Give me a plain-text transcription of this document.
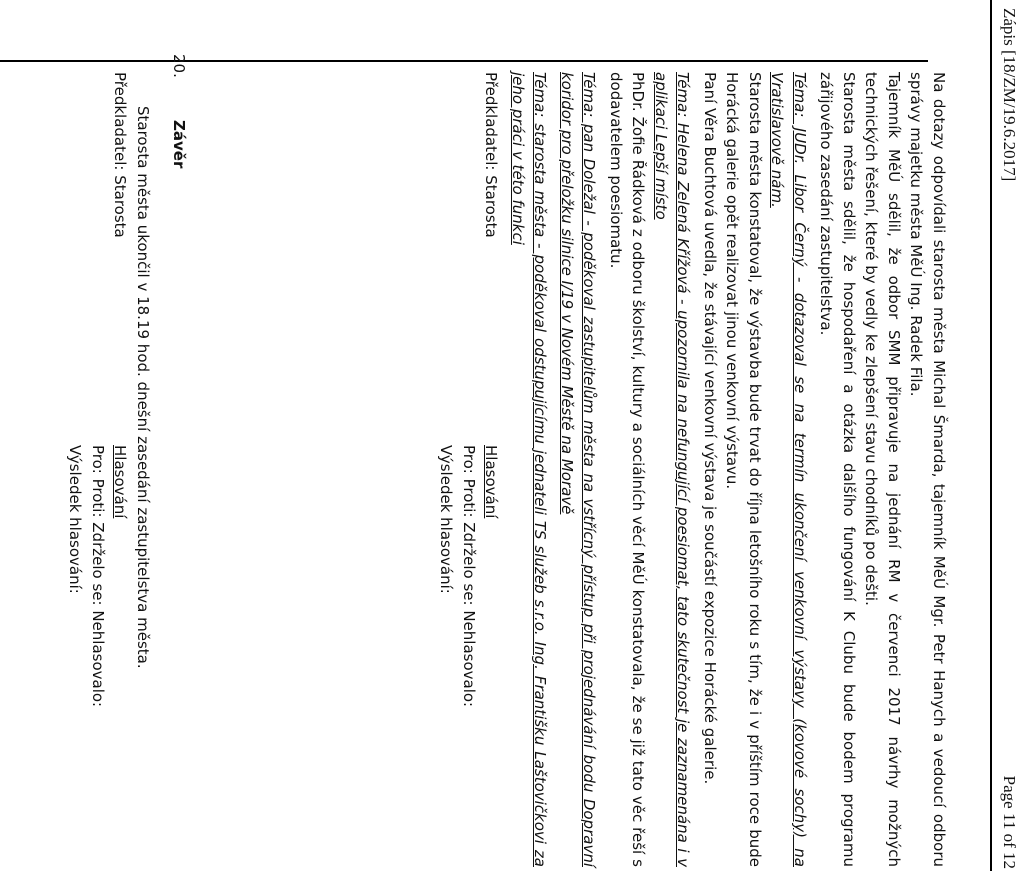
Zápis [18/ZM/19.6.2017]
Page 11 of 12

Na dotazy odpovídali starosta města Michal Šmarda, tajemník MěÚ Mgr. Petr Hanych a vedoucí odboru správy majetku města MěÚ Ing. Radek Fila.

Tajemník MěÚ sdělil, že odbor SMM připravuje na jednání RM v červenci 2017 návrhy možných technických řešení, které by vedly ke zlepšení stavu chodníků po dešti.

Starosta města sdělil, že hospodaření a otázka dalšího fungování K Clubu bude bodem programu zářijového zasedání zastupitelstva.

Téma: JUDr. Libor Černý - dotazoval se na termín ukončení venkovní výstavy (kovové sochy) na Vratislavově nám.

Starosta města konstatoval, že výstavba bude trvat do října letošního roku s tím, že i v příštím roce bude Horácká galerie opět realizovat jinou venkovní výstavu.

Paní Věra Buchtová uvedla, že stávající venkovní výstava je součástí expozice Horácké galerie.

Téma: Helena Zelená Křížová - upozornila na nefungující poesiomat, tato skutečnost je zaznamenána i v aplikaci Lepší místo

PhDr. Žofie Řádková z odboru školství, kultury a sociálních věcí MěÚ konstatovala, že se již tato věc řeší s dodavatelem poesiomatu.

Téma: pan Doležal - poděkoval zastupitelům města na vstřícný přístup při projednávání bodu Dopravní koridor pro přeložku silnice I/19 v Novém Městě na Moravě

Téma: starosta města - poděkoval odstupujícímu jednateli TS služeb s.r.o. Ing. Františku Laštovičkovi za jeho práci v této funkci

Předkladatel: Starosta
Hlasování
Pro: Proti: Zdrželo se: Nehlasovalo:
Výsledek hlasování:
20.
Závěr

Starosta města ukončil v 18.19 hod. dnešní zasedání zastupitelstva města.

Předkladatel: Starosta
Hlasování
Pro: Proti: Zdrželo se: Nehlasovalo:
Výsledek hlasování:
